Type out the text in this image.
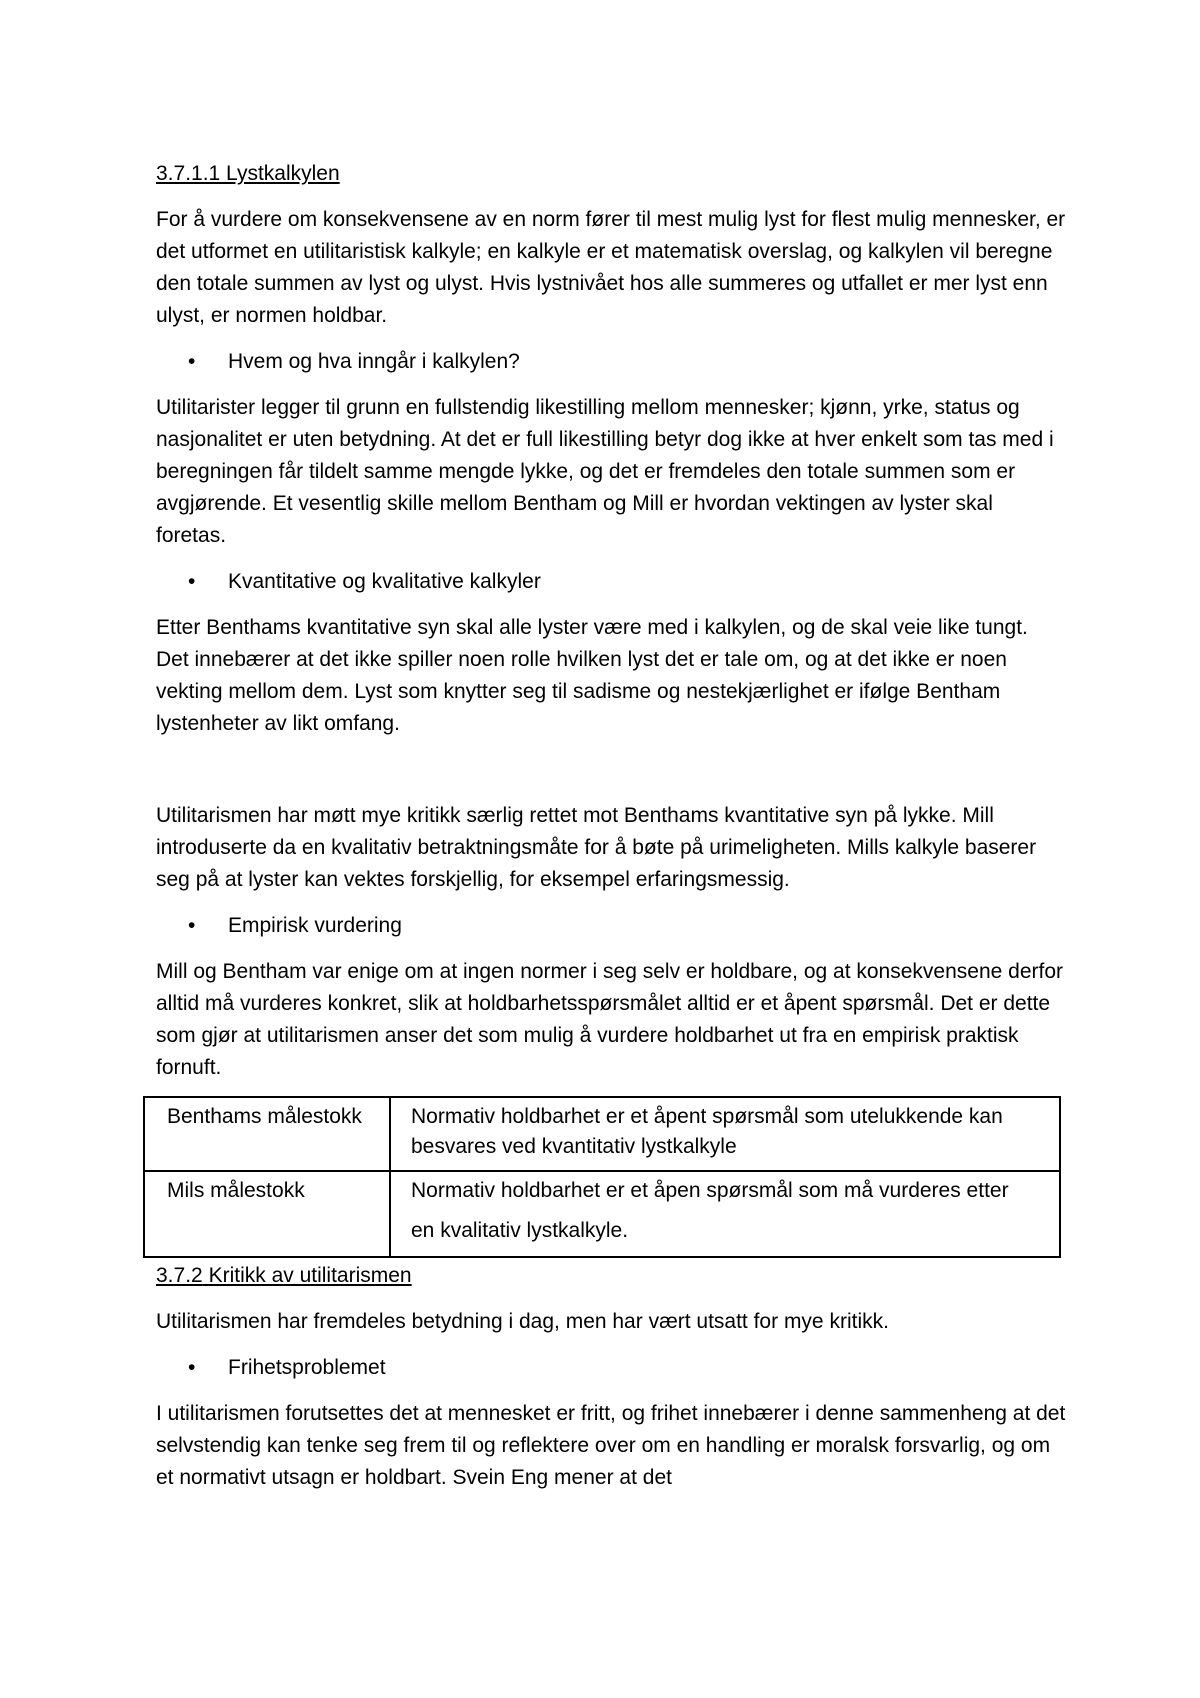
3.7.1.1 Lystkalkylen

For å vurdere om konsekvensene av en norm fører til mest mulig lyst for flest mulig mennesker, er det utformet en utilitaristisk kalkyle; en kalkyle er et matematisk overslag, og kalkylen vil beregne den totale summen av lyst og ulyst. Hvis lystnivået hos alle summeres og utfallet er mer lyst enn ulyst, er normen holdbar.

• Hvem og hva inngår i kalkylen?

Utilitarister legger til grunn en fullstendig likestilling mellom mennesker; kjønn, yrke, status og nasjonalitet er uten betydning. At det er full likestilling betyr dog ikke at hver enkelt som tas med i beregningen får tildelt samme mengde lykke, og det er fremdeles den totale summen som er avgjørende. Et vesentlig skille mellom Bentham og Mill er hvordan vektingen av lyster skal foretas.

• Kvantitative og kvalitative kalkyler

Etter Benthams kvantitative syn skal alle lyster være med i kalkylen, og de skal veie like tungt. Det innebærer at det ikke spiller noen rolle hvilken lyst det er tale om, og at det ikke er noen vekting mellom dem. Lyst som knytter seg til sadisme og nestekjærlighet er ifølge Bentham lystenheter av likt omfang.

Utilitarismen har møtt mye kritikk særlig rettet mot Benthams kvantitative syn på lykke. Mill introduserte da en kvalitativ betraktningsmåte for å bøte på urimeligheten. Mills kalkyle baserer seg på at lyster kan vektes forskjellig, for eksempel erfaringsmessig.

• Empirisk vurdering

Mill og Bentham var enige om at ingen normer i seg selv er holdbare, og at konsekvensene derfor alltid må vurderes konkret, slik at holdbarhetsspørsmålet alltid er et åpent spørsmål. Det er dette som gjør at utilitarismen anser det som mulig å vurdere holdbarhet ut fra en empirisk praktisk fornuft.

Benthams målestokk	Normativ holdbarhet er et åpent spørsmål som utelukkende kan besvares ved kvantitativ lystkalkyle
Mils målestokk	Normativ holdbarhet er et åpen spørsmål som må vurderes etter
en kvalitativ lystkalkyle.
3.7.2 Kritikk av utilitarismen

Utilitarismen har fremdeles betydning i dag, men har vært utsatt for mye kritikk.

• Frihetsproblemet

I utilitarismen forutsettes det at mennesket er fritt, og frihet innebærer i denne sammenheng at det selvstendig kan tenke seg frem til og reflektere over om en handling er moralsk forsvarlig, og om et normativt utsagn er holdbart. Svein Eng mener at det
